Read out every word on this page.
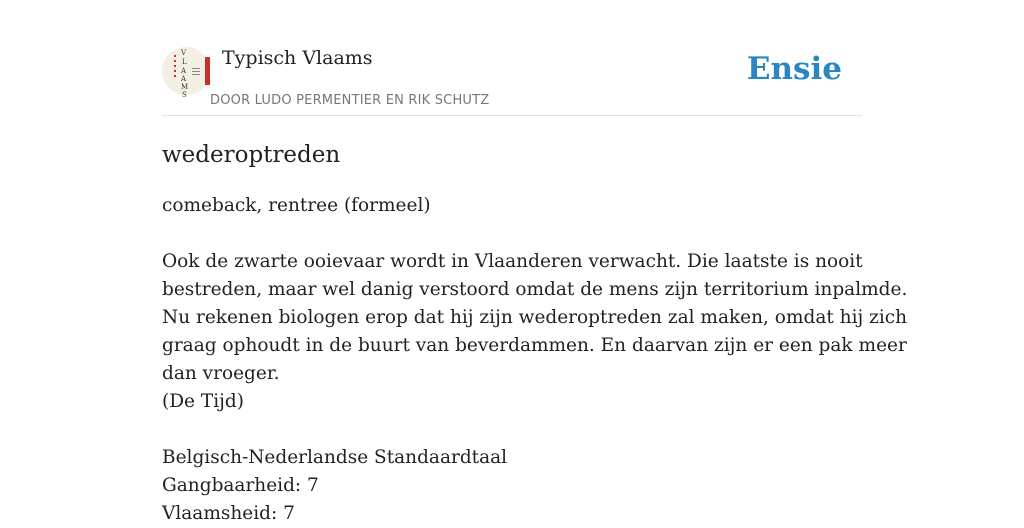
V
L
A
A
M
S
Typisch Vlaams
DOOR LUDO PERMENTIER EN RIK SCHUTZ
Ensie
wederoptreden
comeback, rentree (formeel)
Ook de zwarte ooievaar wordt in Vlaanderen verwacht. Die laatste is nooit
bestreden, maar wel danig verstoord omdat de mens zijn territorium inpalmde.
Nu rekenen biologen erop dat hij zijn wederoptreden zal maken, omdat hij zich
graag ophoudt in de buurt van beverdammen. En daarvan zijn er een pak meer
dan vroeger.
(De Tijd)
Belgisch-Nederlandse Standaardtaal
Gangbaarheid: 7
Vlaamsheid: 7
